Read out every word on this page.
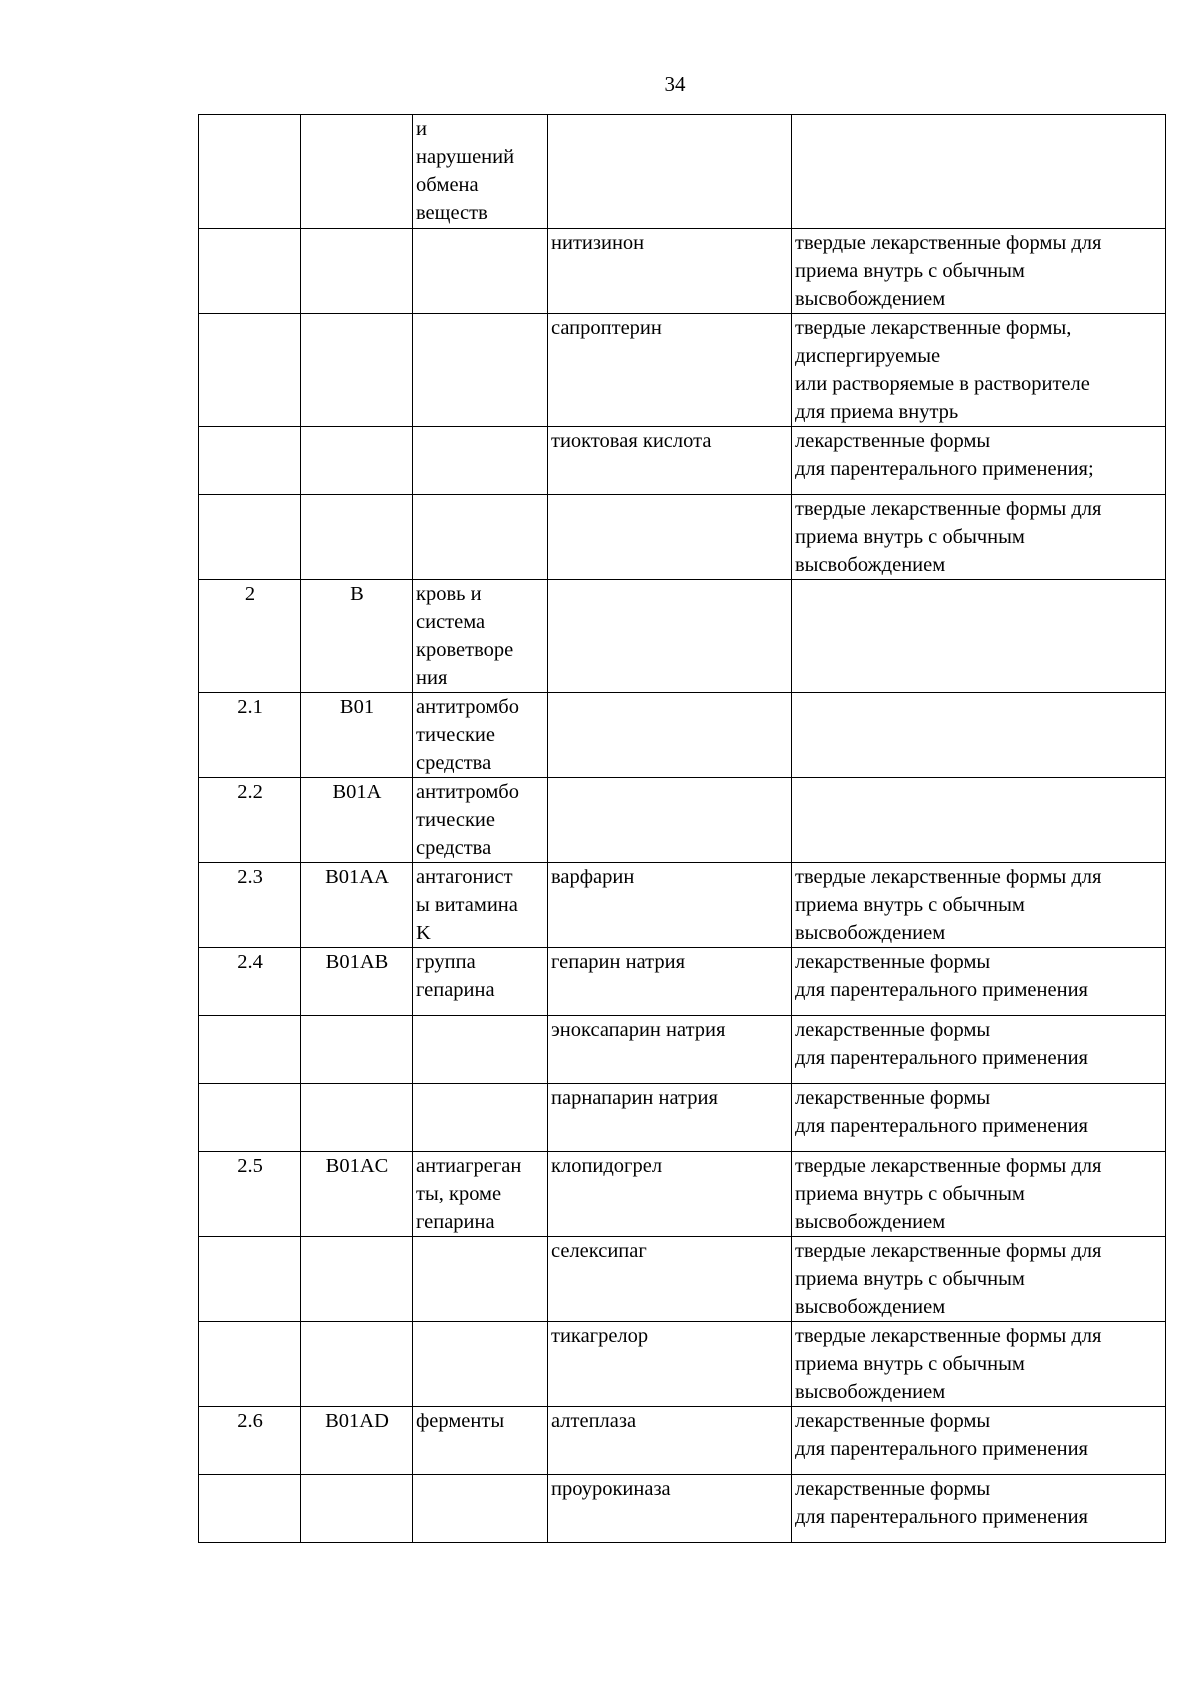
34
		и
нарушений
обмена
веществ		
			нитизинон	твердые лекарственные формы для
приема внутрь с обычным
высвобождением
			сапроптерин	твердые лекарственные формы,
диспергируемые
или растворяемые в растворителе
для приема внутрь
			тиоктовая кислота	лекарственные формы
для парентерального применения;
				твердые лекарственные формы для
приема внутрь с обычным
высвобождением
2	B	кровь и
система
кроветворе
ния		
2.1	B01	антитромбо
тические
средства		
2.2	B01A	антитромбо
тические
средства		
2.3	B01AA	антагонист
ы витамина
K	варфарин	твердые лекарственные формы для
приема внутрь с обычным
высвобождением
2.4	B01AB	группа
гепарина	гепарин натрия	лекарственные формы
для парентерального применения
			эноксапарин натрия	лекарственные формы
для парентерального применения
			парнапарин натрия	лекарственные формы
для парентерального применения
2.5	B01AC	антиагреган
ты, кроме
гепарина	клопидогрел	твердые лекарственные формы для
приема внутрь с обычным
высвобождением
			селексипаг	твердые лекарственные формы для
приема внутрь с обычным
высвобождением
			тикагрелор	твердые лекарственные формы для
приема внутрь с обычным
высвобождением
2.6	B01AD	ферменты	алтеплаза	лекарственные формы
для парентерального применения
			проурокиназа	лекарственные формы
для парентерального применения
